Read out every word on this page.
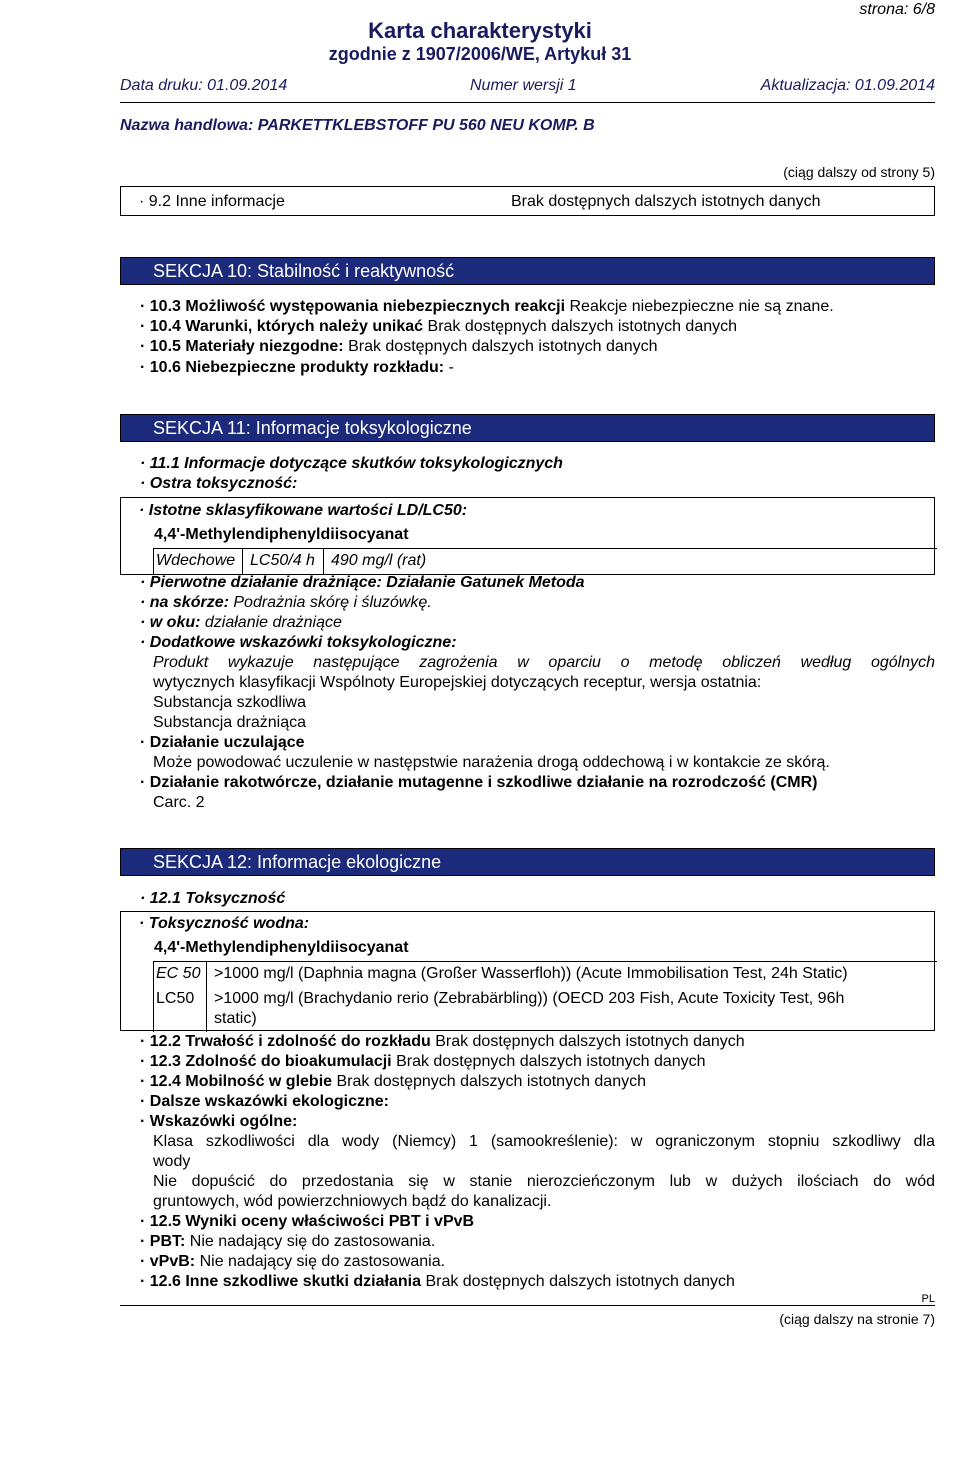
strona: 6/8
Karta charakterystyki
zgodnie z 1907/2006/WE, Artykuł 31
Data druku: 01.09.2014	Numer wersji 1	Aktualizacja: 01.09.2014
Nazwa handlowa: PARKETTKLEBSTOFF PU 560 NEU KOMP. B
(ciąg dalszy od strony 5)
· 9.2 Inne informacje	Brak dostępnych dalszych istotnych danych
SEKCJA 10: Stabilność i reaktywność
· 10.3 Możliwość występowania niebezpiecznych reakcji Reakcje niebezpieczne nie są znane.
· 10.4 Warunki, których należy unikać Brak dostępnych dalszych istotnych danych
· 10.5 Materiały niezgodne: Brak dostępnych dalszych istotnych danych
· 10.6 Niebezpieczne produkty rozkładu: -
SEKCJA 11: Informacje toksykologiczne
· 11.1 Informacje dotyczące skutków toksykologicznych
· Ostra toksyczność:
· Istotne sklasyfikowane wartości LD/LC50:
4,4'-Methylendiphenyldiisocyanat
Wdechowe LC50/4 h 490 mg/l (rat)
· Pierwotne działanie drażniące: Działanie Gatunek Metoda
· na skórze: Podrażnia skórę i śluzówkę.
· w oku: działanie drażniące
· Dodatkowe wskazówki toksykologiczne:
Produkt wykazuje następujące zagrożenia w oparciu o metodę obliczeń według ogólnych
wytycznych klasyfikacji Wspólnoty Europejskiej dotyczących receptur, wersja ostatnia:
Substancja szkodliwa
Substancja drażniąca
· Działanie uczulające
Może powodować uczulenie w następstwie narażenia drogą oddechową i w kontakcie ze skórą.
· Działanie rakotwórcze, działanie mutagenne i szkodliwe działanie na rozrodczość (CMR)
Carc. 2
SEKCJA 12: Informacje ekologiczne
· 12.1 Toksyczność
· Toksyczność wodna:
4,4'-Methylendiphenyldiisocyanat
EC 50 >1000 mg/l (Daphnia magna (Großer Wasserfloh)) (Acute Immobilisation Test, 24h Static)
LC50 >1000 mg/l (Brachydanio rerio (Zebrabärbling)) (OECD 203 Fish, Acute Toxicity Test, 96h
static)
· 12.2 Trwałość i zdolność do rozkładu Brak dostępnych dalszych istotnych danych
· 12.3 Zdolność do bioakumulacji Brak dostępnych dalszych istotnych danych
· 12.4 Mobilność w glebie Brak dostępnych dalszych istotnych danych
· Dalsze wskazówki ekologiczne:
· Wskazówki ogólne:
Klasa szkodliwości dla wody (Niemcy) 1 (samookreślenie): w ograniczonym stopniu szkodliwy dla
wody
Nie dopuścić do przedostania się w stanie nierozcieńczonym lub w dużych ilościach do wód
gruntowych, wód powierzchniowych bądź do kanalizacji.
· 12.5 Wyniki oceny właściwości PBT i vPvB
· PBT: Nie nadający się do zastosowania.
· vPvB: Nie nadający się do zastosowania.
· 12.6 Inne szkodliwe skutki działania Brak dostępnych dalszych istotnych danych
PL
(ciąg dalszy na stronie 7)
